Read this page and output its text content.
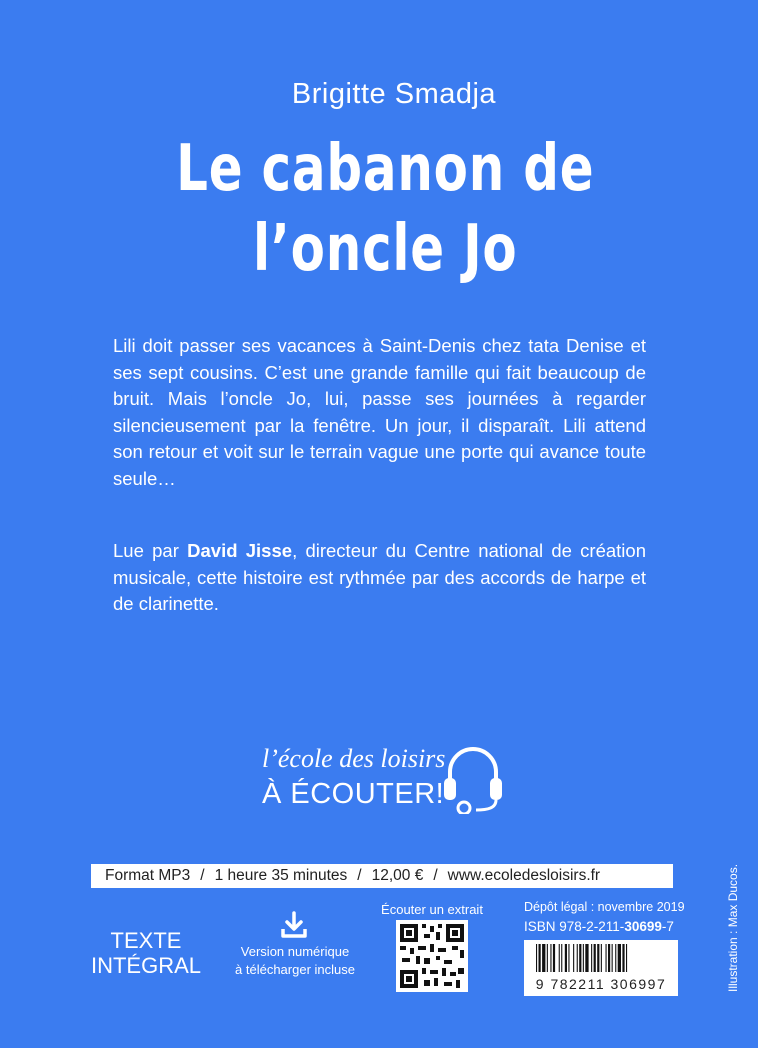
Brigitte Smadja
Le cabanon de
l’oncle Jo
Lili doit passer ses vacances à Saint-Denis chez tata Denise et ses sept cousins. C’est une grande famille qui fait beaucoup de bruit. Mais l’oncle Jo, lui, passe ses journées à regarder silencieusement par la fenêtre. Un jour, il disparaît. Lili attend son retour et voit sur le terrain vague une porte qui avance toute seule…
Lue par David Jisse, directeur du Centre national de création musicale, cette histoire est rythmée par des accords de harpe et de clarinette.
l’école des loisirs
À ÉCOUTER!
Format MP3 / 1 heure 35 minutes / 12,00 € / www.ecoledesloisirs.fr
TEXTE
INTÉGRAL
Version numérique
à télécharger incluse
Écouter un extrait	Dépôt légal : novembre 2019
ISBN 978-2-211-30699-7
9 782211 306997	Illustration : Max Ducos.
